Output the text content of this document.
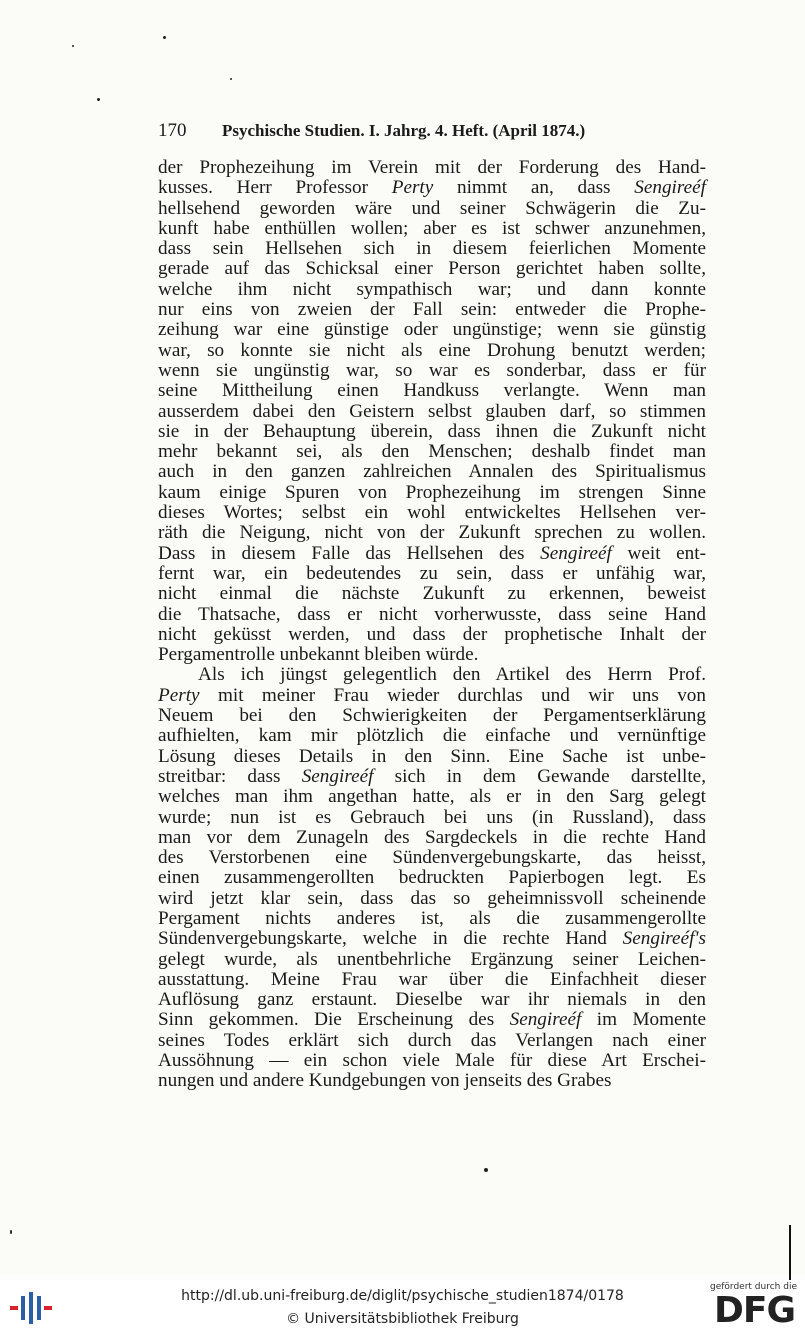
170 Psychische Studien. I. Jahrg. 4. Heft. (April 1874.)
der Prophezeihung im Verein mit der Forderung des Hand-
kusses. Herr Professor Perty nimmt an, dass Sengireéf
hellsehend geworden wäre und seiner Schwägerin die Zu-
kunft habe enthüllen wollen; aber es ist schwer anzunehmen,
dass sein Hellsehen sich in diesem feierlichen Momente
gerade auf das Schicksal einer Person gerichtet haben sollte,
welche ihm nicht sympathisch war; und dann konnte
nur eins von zweien der Fall sein: entweder die Prophe-
zeihung war eine günstige oder ungünstige; wenn sie günstig
war, so konnte sie nicht als eine Drohung benutzt werden;
wenn sie ungünstig war, so war es sonderbar, dass er für
seine Mittheilung einen Handkuss verlangte. Wenn man
ausserdem dabei den Geistern selbst glauben darf, so stimmen
sie in der Behauptung überein, dass ihnen die Zukunft nicht
mehr bekannt sei, als den Menschen; deshalb findet man
auch in den ganzen zahlreichen Annalen des Spiritualismus
kaum einige Spuren von Prophezeihung im strengen Sinne
dieses Wortes; selbst ein wohl entwickeltes Hellsehen ver-
räth die Neigung, nicht von der Zukunft sprechen zu wollen.
Dass in diesem Falle das Hellsehen des Sengireéf weit ent-
fernt war, ein bedeutendes zu sein, dass er unfähig war,
nicht einmal die nächste Zukunft zu erkennen, beweist
die Thatsache, dass er nicht vorherwusste, dass seine Hand
nicht geküsst werden, und dass der prophetische Inhalt der
Pergamentrolle unbekannt bleiben würde.
Als ich jüngst gelegentlich den Artikel des Herrn Prof.
Perty mit meiner Frau wieder durchlas und wir uns von
Neuem bei den Schwierigkeiten der Pergamentserklärung
aufhielten, kam mir plötzlich die einfache und vernünftige
Lösung dieses Details in den Sinn. Eine Sache ist unbe-
streitbar: dass Sengireéf sich in dem Gewande darstellte,
welches man ihm angethan hatte, als er in den Sarg gelegt
wurde; nun ist es Gebrauch bei uns (in Russland), dass
man vor dem Zunageln des Sargdeckels in die rechte Hand
des Verstorbenen eine Sündenvergebungskarte, das heisst,
einen zusammengerollten bedruckten Papierbogen legt. Es
wird jetzt klar sein, dass das so geheimnissvoll scheinende
Pergament nichts anderes ist, als die zusammengerollte
Sündenvergebungskarte, welche in die rechte Hand Sengireéf's
gelegt wurde, als unentbehrliche Ergänzung seiner Leichen-
ausstattung. Meine Frau war über die Einfachheit dieser
Auflösung ganz erstaunt. Dieselbe war ihr niemals in den
Sinn gekommen. Die Erscheinung des Sengireéf im Momente
seines Todes erklärt sich durch das Verlangen nach einer
Aussöhnung — ein schon viele Male für diese Art Erschei-
nungen und andere Kundgebungen von jenseits des Grabes
http://dl.ub.uni-freiburg.de/diglit/psychische_studien1874/0178
© Universitätsbibliothek Freiburg
gefördert durch die
DFG
